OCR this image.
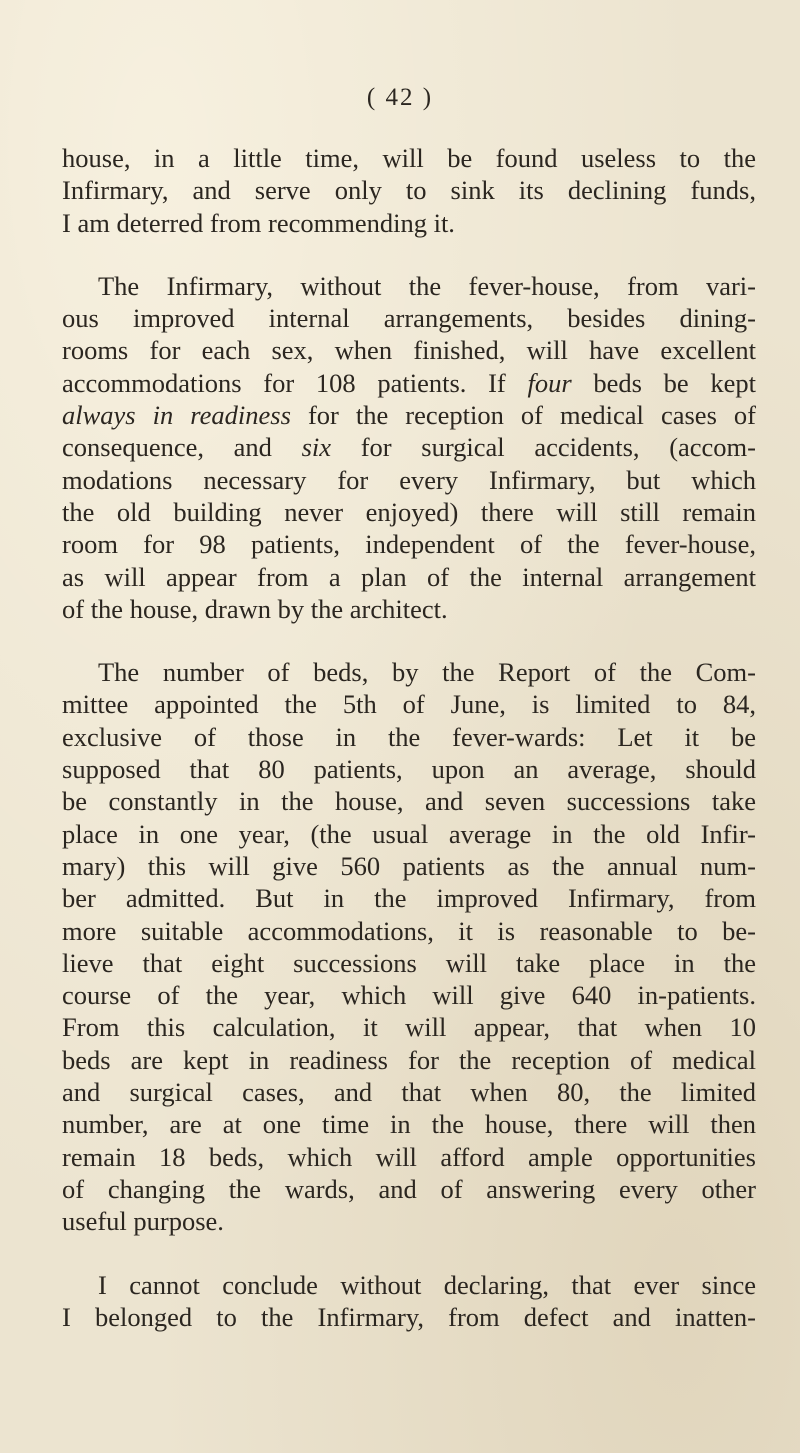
( 42 )

house, in a little time, will be found useless to the
Infirmary, and serve only to sink its declining funds,
I am deterred from recommending it.

The Infirmary, without the fever-house, from vari-
ous improved internal arrangements, besides dining-
rooms for each sex, when finished, will have excellent
accommodations for 108 patients. If four beds be kept
always in readiness for the reception of medical cases of
consequence, and six for surgical accidents, (accom-
modations necessary for every Infirmary, but which
the old building never enjoyed) there will still remain
room for 98 patients, independent of the fever-house,
as will appear from a plan of the internal arrangement
of the house, drawn by the architect.

The number of beds, by the Report of the Com-
mittee appointed the 5th of June, is limited to 84,
exclusive of those in the fever-wards: Let it be
supposed that 80 patients, upon an average, should
be constantly in the house, and seven successions take
place in one year, (the usual average in the old Infir-
mary) this will give 560 patients as the annual num-
ber admitted. But in the improved Infirmary, from
more suitable accommodations, it is reasonable to be-
lieve that eight successions will take place in the
course of the year, which will give 640 in-patients.
From this calculation, it will appear, that when 10
beds are kept in readiness for the reception of medical
and surgical cases, and that when 80, the limited
number, are at one time in the house, there will then
remain 18 beds, which will afford ample opportunities
of changing the wards, and of answering every other
useful purpose.

I cannot conclude without declaring, that ever since
I belonged to the Infirmary, from defect and inatten-
